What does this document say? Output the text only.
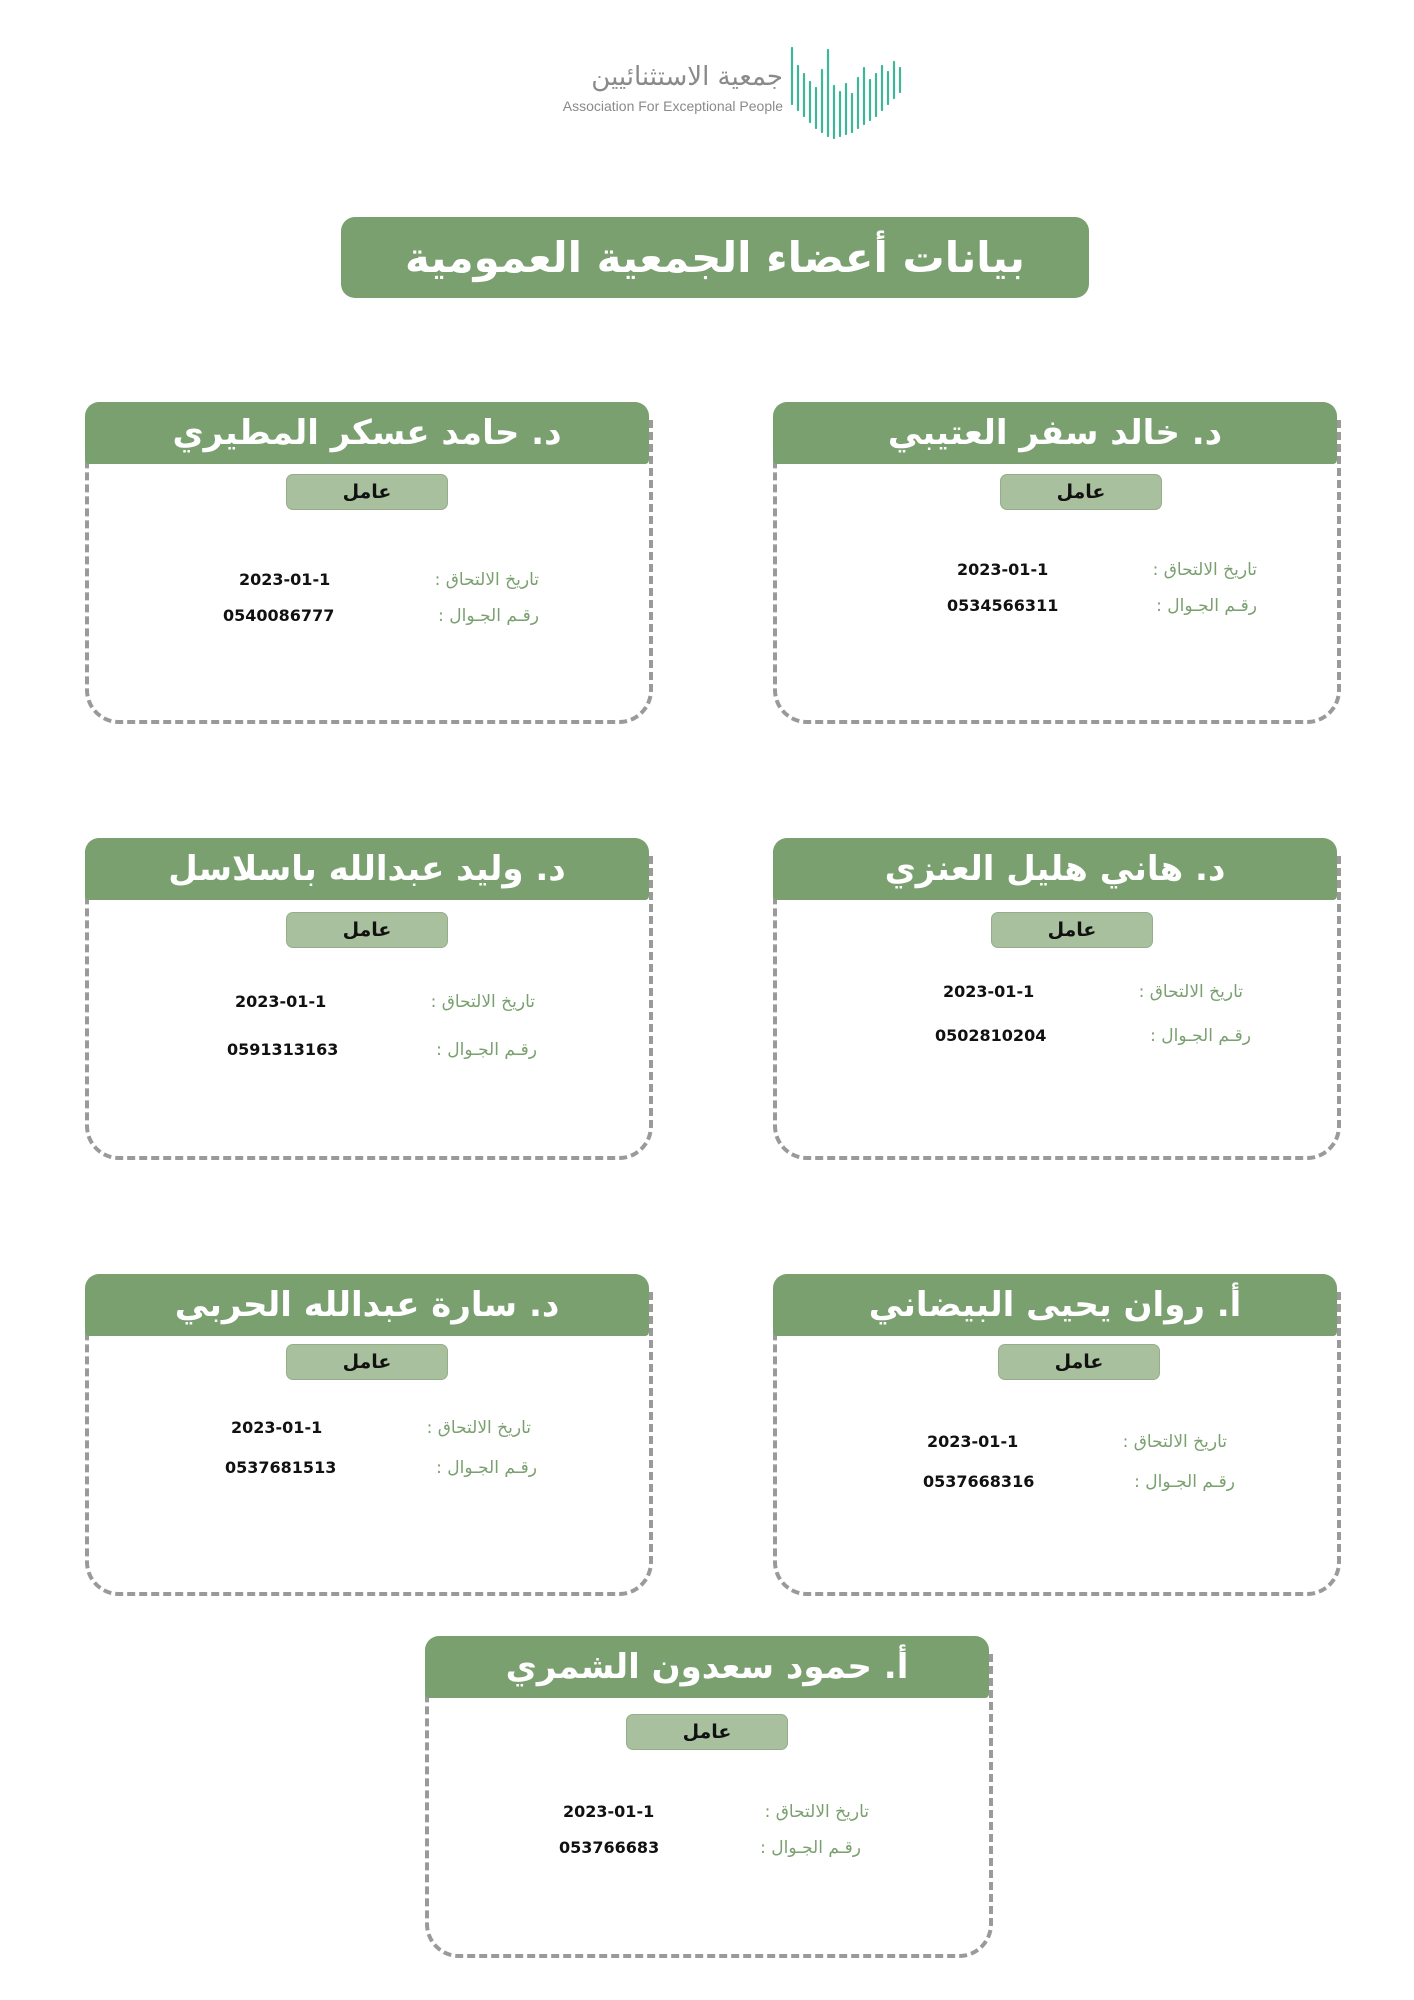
جمعية الاستثنائيين
Association For Exceptional People
بيانات أعضاء الجمعية العمومية
د. خالد سفر العتيبي
عامل
2023-01-1	تاريخ الالتحاق :
0534566311	رقـم الجـوال :
د. حامد عسكر المطيري
عامل
2023-01-1	تاريخ الالتحاق :
0540086777	رقـم الجـوال :
د. هاني هليل العنزي
عامل
2023-01-1	تاريخ الالتحاق :
0502810204	رقـم الجـوال :
د. وليد عبدالله باسلاسل
عامل
2023-01-1	تاريخ الالتحاق :
0591313163	رقـم الجـوال :
أ. روان يحيى البيضاني
عامل
2023-01-1	تاريخ الالتحاق :
0537668316	رقـم الجـوال :
د. سارة عبدالله الحربي
عامل
2023-01-1	تاريخ الالتحاق :
0537681513	رقـم الجـوال :
أ. حمود سعدون الشمري
عامل
2023-01-1	تاريخ الالتحاق :
053766683	رقـم الجـوال :
